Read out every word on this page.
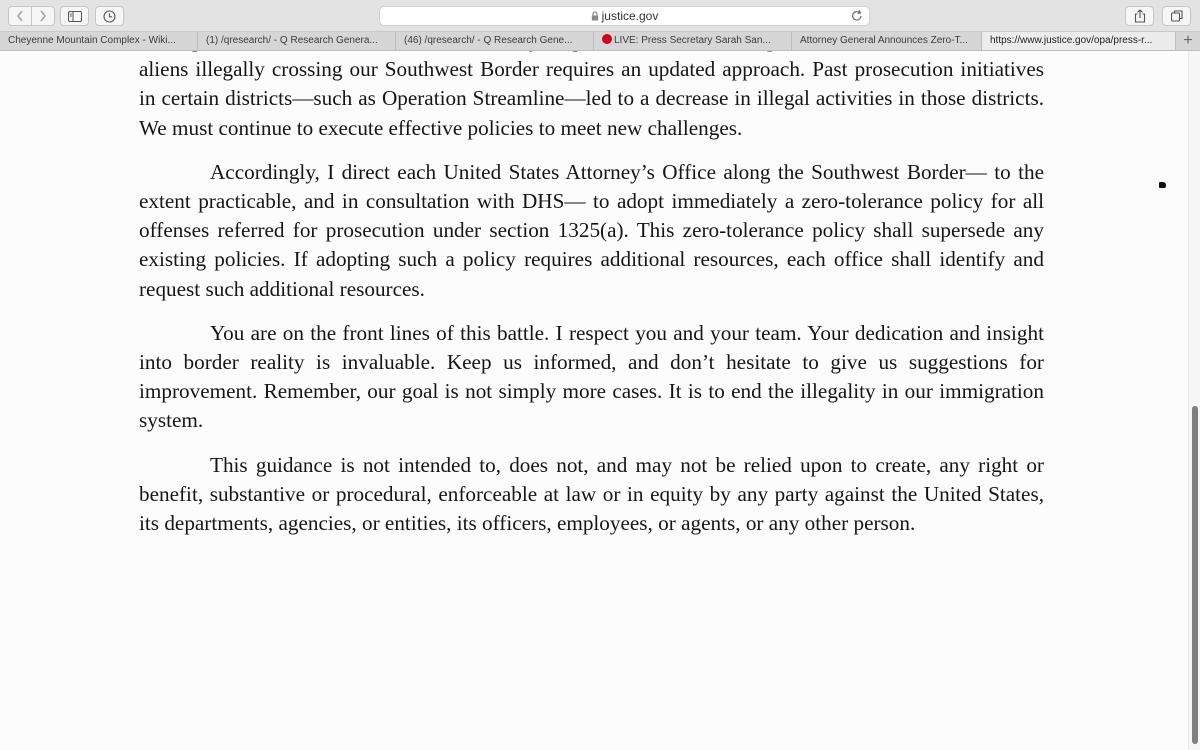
justice.gov
Cheyenne Mountain Complex - Wiki...	(1) /qresearch/ - Q Research Genera...	(46) /qresearch/ - Q Research Gene...	LIVE: Press Secretary Sarah San...	Attorney General Announces Zero-T...	https://www.justice.gov/opa/press-r...	+

aliens illegally crossing our Southwest Border requires an updated approach. Past prosecution initiatives in certain districts—such as Operation Streamline—led to a decrease in illegal activities in those districts. We must continue to execute effective policies to meet new challenges.

Accordingly, I direct each United States Attorney’s Office along the Southwest Border— to the extent practicable, and in consultation with DHS— to adopt immediately a zero-tolerance policy for all offenses referred for prosecution under section 1325(a). This zero-tolerance policy shall supersede any existing policies. If adopting such a policy requires additional resources, each office shall identify and request such additional resources.

You are on the front lines of this battle. I respect you and your team. Your dedication and insight into border reality is invaluable. Keep us informed, and don’t hesitate to give us suggestions for improvement. Remember, our goal is not simply more cases. It is to end the illegality in our immigration system.

This guidance is not intended to, does not, and may not be relied upon to create, any right or benefit, substantive or procedural, enforceable at law or in equity by any party against the United States, its departments, agencies, or entities, its officers, employees, or agents, or any other person.
